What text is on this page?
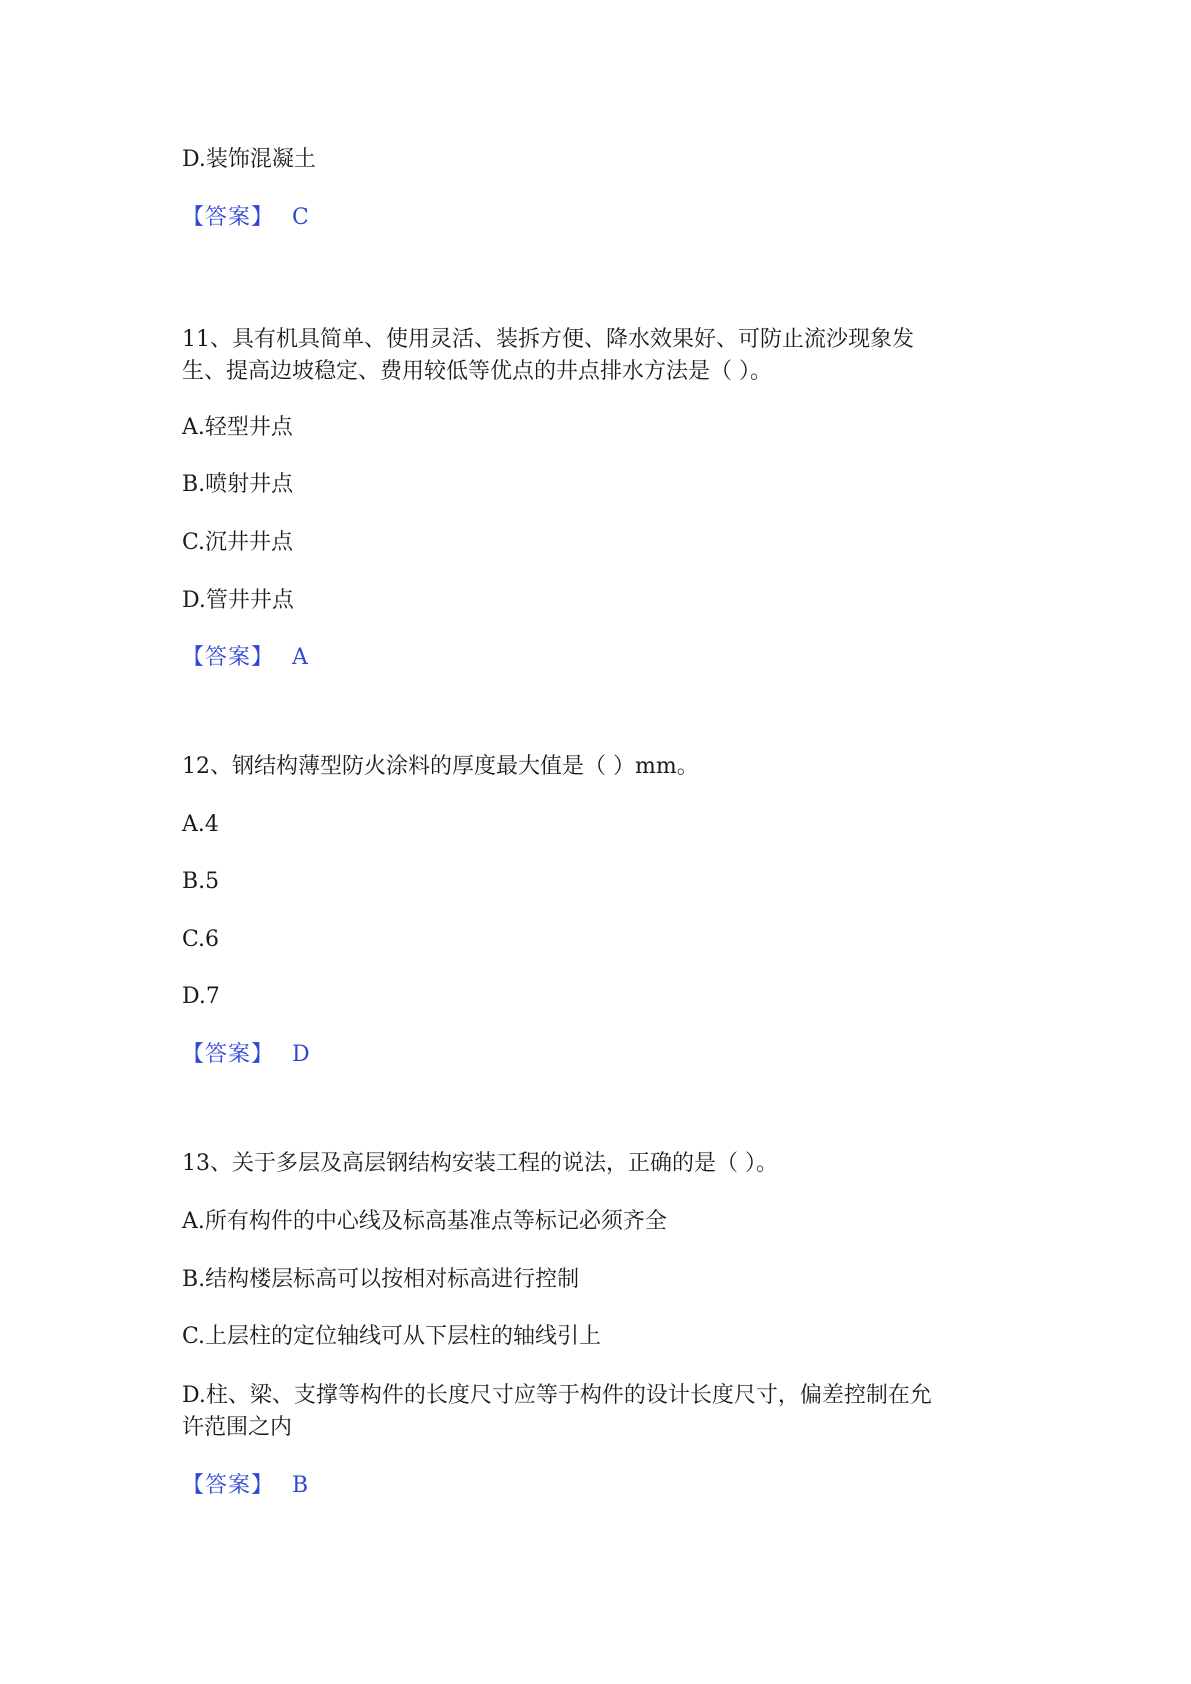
D.装饰混凝土
【答案】 C
11、具有机具简单、使用灵活、装拆方便、降水效果好、可防止流沙现象发
生、提高边坡稳定、费用较低等优点的井点排水方法是（ ）。
A.轻型井点
B.喷射井点
C.沉井井点
D.管井井点
【答案】 A
12、钢结构薄型防火涂料的厚度最大值是（ ）mm。
A.4
B.5
C.6
D.7
【答案】 D
13、关于多层及高层钢结构安装工程的说法，正确的是（ ）。
A.所有构件的中心线及标高基准点等标记必须齐全
B.结构楼层标高可以按相对标高进行控制
C.上层柱的定位轴线可从下层柱的轴线引上
D.柱、梁、支撑等构件的长度尺寸应等于构件的设计长度尺寸，偏差控制在允
许范围之内
【答案】 B
